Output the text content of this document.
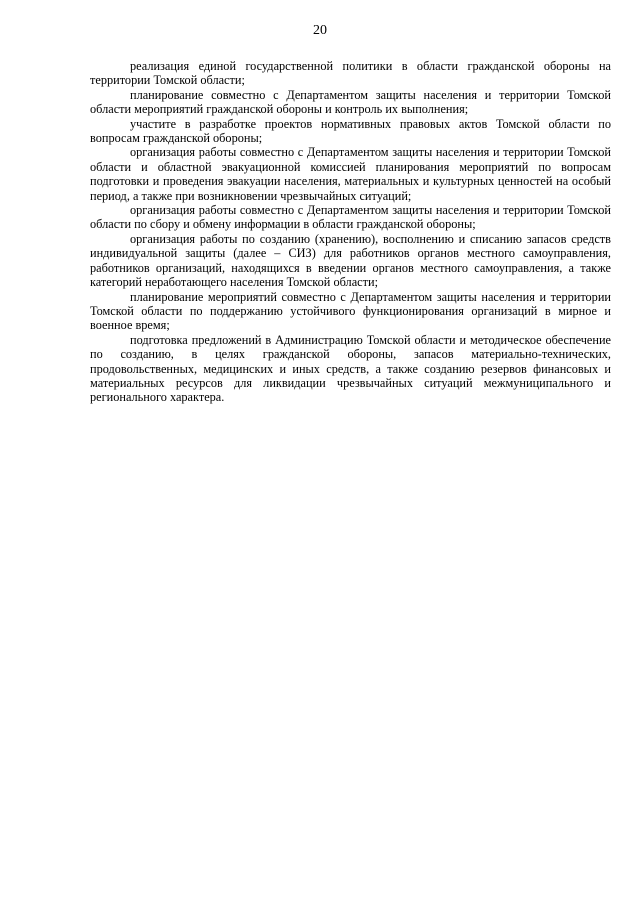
20

реализация единой государственной политики в области гражданской обороны на территории Томской области;

планирование совместно с Департаментом защиты населения и территории Томской области мероприятий гражданской обороны и контроль их выполнения;

участите в разработке проектов нормативных правовых актов Томской области по вопросам гражданской обороны;

организация работы совместно с Департаментом защиты населения и территории Томской области и областной эвакуационной комиссией планирования мероприятий по вопросам подготовки и проведения эвакуации населения, материальных и культурных ценностей на особый период, а также при возникновении чрезвычайных ситуаций;

организация работы совместно с Департаментом защиты населения и территории Томской области по сбору и обмену информации в области гражданской обороны;

организация работы по созданию (хранению), восполнению и списанию запасов средств индивидуальной защиты (далее – СИЗ) для работников органов местного самоуправления, работников организаций, находящихся в введении органов местного самоуправления, а также категорий неработающего населения Томской области;

планирование мероприятий совместно с Департаментом защиты населения и территории Томской области по поддержанию устойчивого функционирования организаций в мирное и военное время;

подготовка предложений в Администрацию Томской области и методическое обеспечение по созданию, в целях гражданской обороны, запасов материально-технических, продовольственных, медицинских и иных средств, а также созданию резервов финансовых и материальных ресурсов для ликвидации чрезвычайных ситуаций межмуниципального и регионального характера.
